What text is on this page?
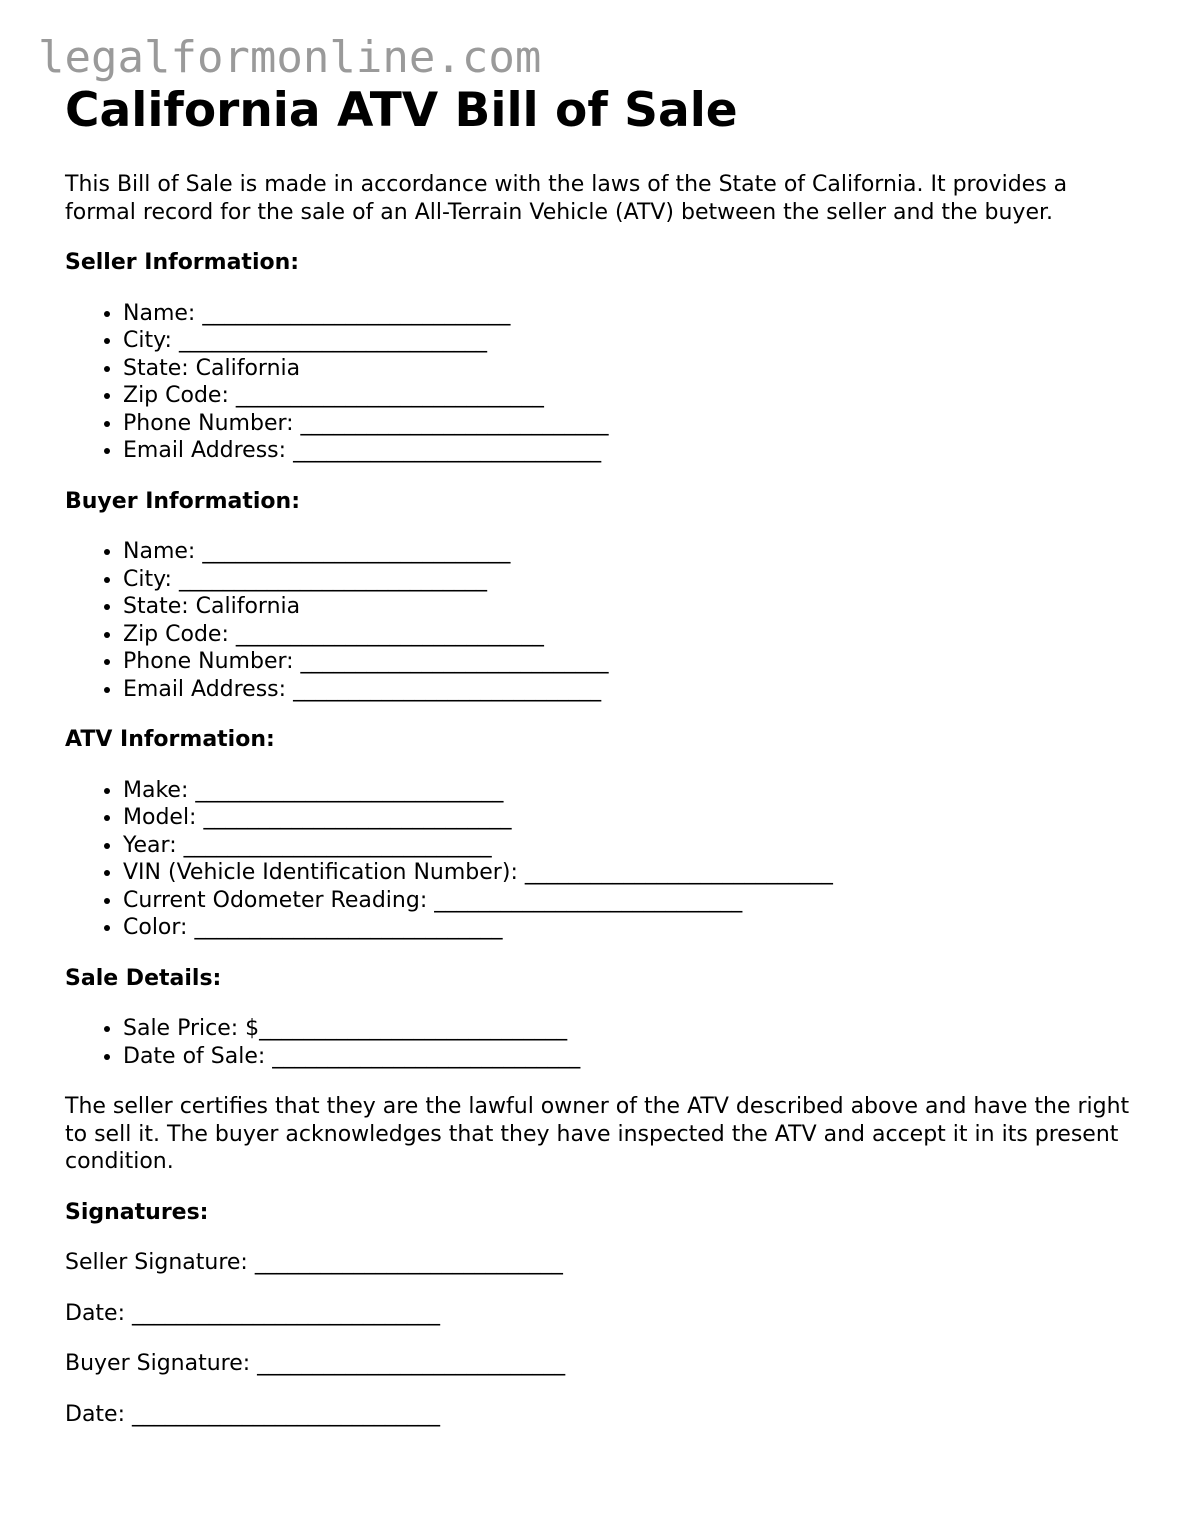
legalformonline.com
California ATV Bill of Sale

This Bill of Sale is made in accordance with the laws of the State of California. It provides a formal record for the sale of an All-Terrain Vehicle (ATV) between the seller and the buyer.

Seller Information:
• Name: ____________________________
• City: ____________________________
• State: California
• Zip Code: ____________________________
• Phone Number: ____________________________
• Email Address: ____________________________
Buyer Information:
• Name: ____________________________
• City: ____________________________
• State: California
• Zip Code: ____________________________
• Phone Number: ____________________________
• Email Address: ____________________________
ATV Information:
• Make: ____________________________
• Model: ____________________________
• Year: ____________________________
• VIN (Vehicle Identification Number): ____________________________
• Current Odometer Reading: ____________________________
• Color: ____________________________
Sale Details:
• Sale Price: $____________________________
• Date of Sale: ____________________________

The seller certifies that they are the lawful owner of the ATV described above and have the right to sell it. The buyer acknowledges that they have inspected the ATV and accept it in its present condition.

Signatures:
Seller Signature: ____________________________
Date: ____________________________
Buyer Signature: ____________________________
Date: ____________________________
